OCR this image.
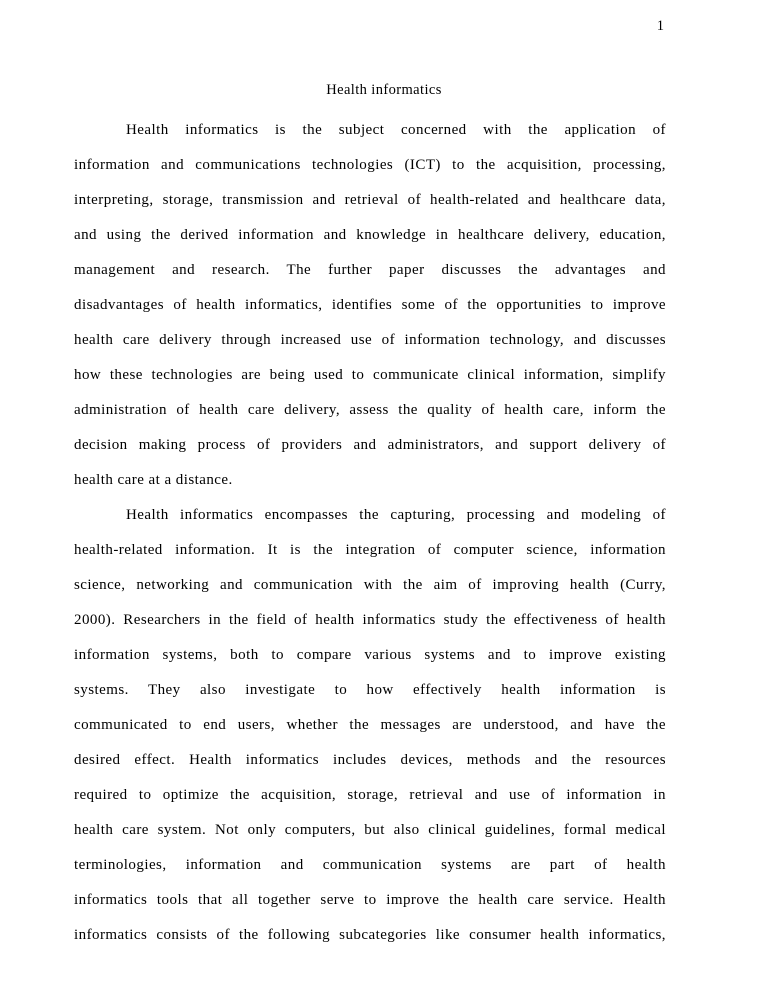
1
Health informatics
Health informatics is the subject concerned with the application of
information and communications technologies (ICT) to the acquisition, processing,
interpreting, storage, transmission and retrieval of health-related and healthcare data,
and using the derived information and knowledge in healthcare delivery, education,
management and research. The further paper discusses the advantages and
disadvantages of health informatics, identifies some of the opportunities to improve
health care delivery through increased use of information technology, and discusses
how these technologies are being used to communicate clinical information, simplify
administration of health care delivery, assess the quality of health care, inform the
decision making process of providers and administrators, and support delivery of
health care at a distance.
Health informatics encompasses the capturing, processing and modeling of
health-related information. It is the integration of computer science, information
science, networking and communication with the aim of improving health (Curry,
2000). Researchers in the field of health informatics study the effectiveness of health
information systems, both to compare various systems and to improve existing
systems. They also investigate to how effectively health information is
communicated to end users, whether the messages are understood, and have the
desired effect. Health informatics includes devices, methods and the resources
required to optimize the acquisition, storage, retrieval and use of information in
health care system. Not only computers, but also clinical guidelines, formal medical
terminologies, information and communication systems are part of health
informatics tools that all together serve to improve the health care service. Health
informatics consists of the following subcategories like consumer health informatics,
